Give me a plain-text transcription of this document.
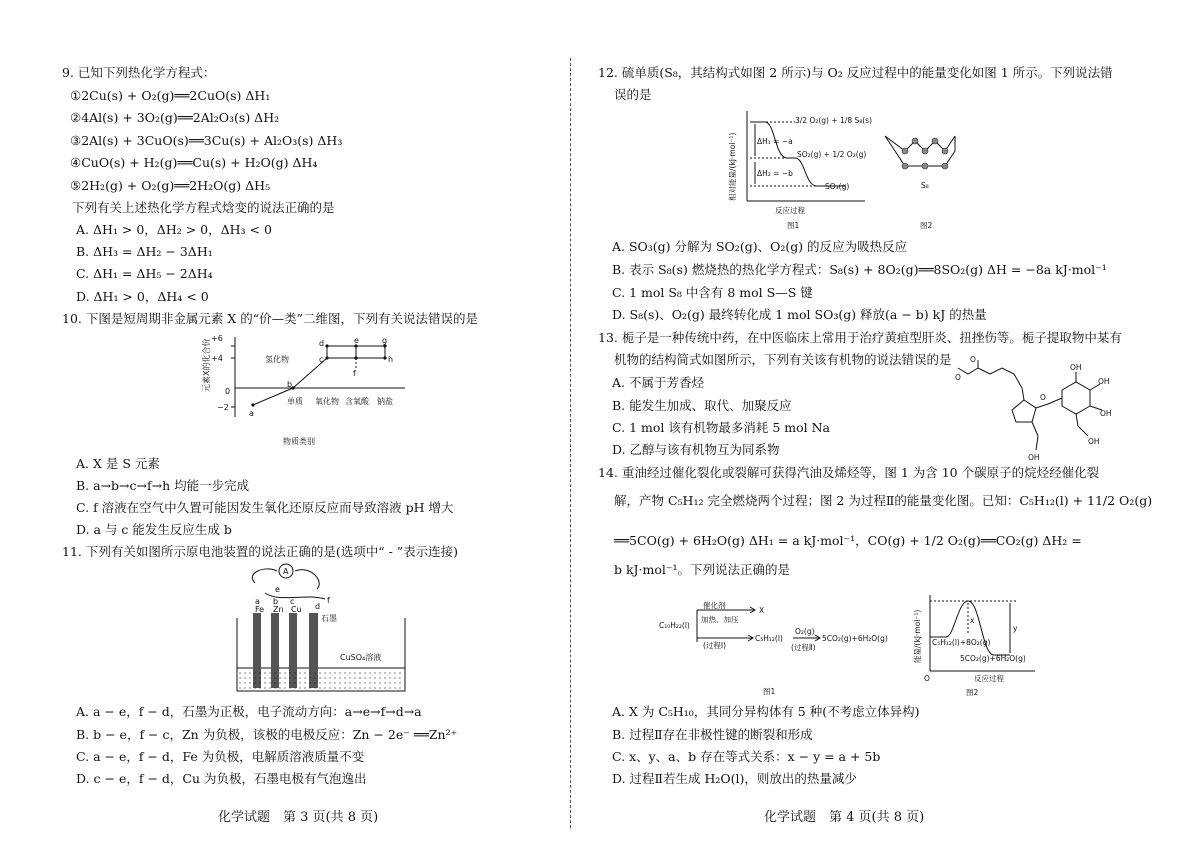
9. 已知下列热化学方程式：
①2Cu(s) + O₂(g)══2CuO(s) ΔH₁
②4Al(s) + 3O₂(g)══2Al₂O₃(s) ΔH₂
③2Al(s) + 3CuO(s)══3Cu(s) + Al₂O₃(s) ΔH₃
④CuO(s) + H₂(g)══Cu(s) + H₂O(g) ΔH₄
⑤2H₂(g) + O₂(g)══2H₂O(g) ΔH₅
下列有关上述热化学方程式焓变的说法正确的是
A. ΔH₁ > 0，ΔH₂ > 0，ΔH₃ < 0
B. ΔH₃ = ΔH₂ − 3ΔH₁
C. ΔH₁ = ΔH₅ − 2ΔH₄
D. ΔH₁ > 0，ΔH₄ < 0
10. 下图是短周期非金属元素 X 的“价—类”二维图，下列有关说法错误的是
+6
+4
0
−2
元素X的化合价
a
b
c
d	e
f
g
h
氢化物
单质 氧化物 含氧酸 钠盐
物质类别
A. X 是 S 元素
B. a→b→c→f→h 均能一步完成
C. f 溶液在空气中久置可能因发生氧化还原反应而导致溶液 pH 增大
D. a 与 c 能发生反应生成 b
11. 下列有关如图所示原电池装置的说法正确的是(选项中“ - ”表示连接)
A
a b c
d
e
f
Fe Zn Cu
石墨
CuSO₄溶液
A. a − e，f − d，石墨为正极，电子流动方向：a→e→f→d→a
B. b − e，f − c，Zn 为负极，该极的电极反应：Zn − 2e⁻ ══Zn²⁺
C. a − e，f − d，Fe 为负极，电解质溶液质量不变
D. c − e，f − d，Cu 为负极，石墨电极有气泡逸出
化学试题　第 3 页(共 8 页)
12. 硫单质(S₈，其结构式如图 2 所示)与 O₂ 反应过程中的能量变化如图 1 所示。下列说法错
误的是
相对能量/(kJ·mol⁻¹)
反应过程
3/2 O₂(g) + 1/8 S₈(s)
SO₂(g) + 1/2 O₂(g)
SO₃(g)
ΔH₁ = −a
ΔH₂ = −b
图1
S₈
图2
A. SO₃(g) 分解为 SO₂(g)、O₂(g) 的反应为吸热反应
B. 表示 S₈(s) 燃烧热的热化学方程式：S₈(s) + 8O₂(g)══8SO₂(g) ΔH = −8a kJ·mol⁻¹
C. 1 mol S₈ 中含有 8 mol S—S 键
D. S₈(s)、O₂(g) 最终转化成 1 mol SO₃(g) 释放(a − b) kJ 的热量
13. 栀子是一种传统中药，在中医临床上常用于治疗黄疸型肝炎、扭挫伤等。栀子提取物中某有
机物的结构简式如图所示，下列有关该有机物的说法错误的是
A. 不属于芳香烃
B. 能发生加成、取代、加聚反应
C. 1 mol 该有机物最多消耗 5 mol Na
D. 乙醇与该有机物互为同系物
O
O
O
OH
OH
OH
OH
OH
14. 重油经过催化裂化或裂解可获得汽油及烯烃等，图 1 为含 10 个碳原子的烷烃经催化裂
解，产物 C₅H₁₂ 完全燃烧两个过程；图 2 为过程Ⅱ的能量变化图。已知：C₅H₁₂(l) + 11/2 O₂(g)
══5CO(g) + 6H₂O(g) ΔH₁ = a kJ·mol⁻¹，CO(g) + 1/2 O₂(g)══CO₂(g) ΔH₂ =
b kJ·mol⁻¹。下列说法正确的是
C₁₀H₂₂(l)
催化剂
加热、加压
(过程Ⅰ)
X
C₅H₁₂(l)
O₂(g)
(过程Ⅱ)
5CO₂(g)+6H₂O(g)
图1
能量/(kJ·mol⁻¹)
反应过程
O
C₅H₁₂(l)+8O₂(g)
5CO₂(g)+6H₂O(g)
x
y
图2
A. X 为 C₅H₁₀，其同分异构体有 5 种(不考虑立体异构)
B. 过程Ⅱ存在非极性键的断裂和形成
C. x、y、a、b 存在等式关系：x − y = a + 5b
D. 过程Ⅱ若生成 H₂O(l)，则放出的热量减少
化学试题　第 4 页(共 8 页)
